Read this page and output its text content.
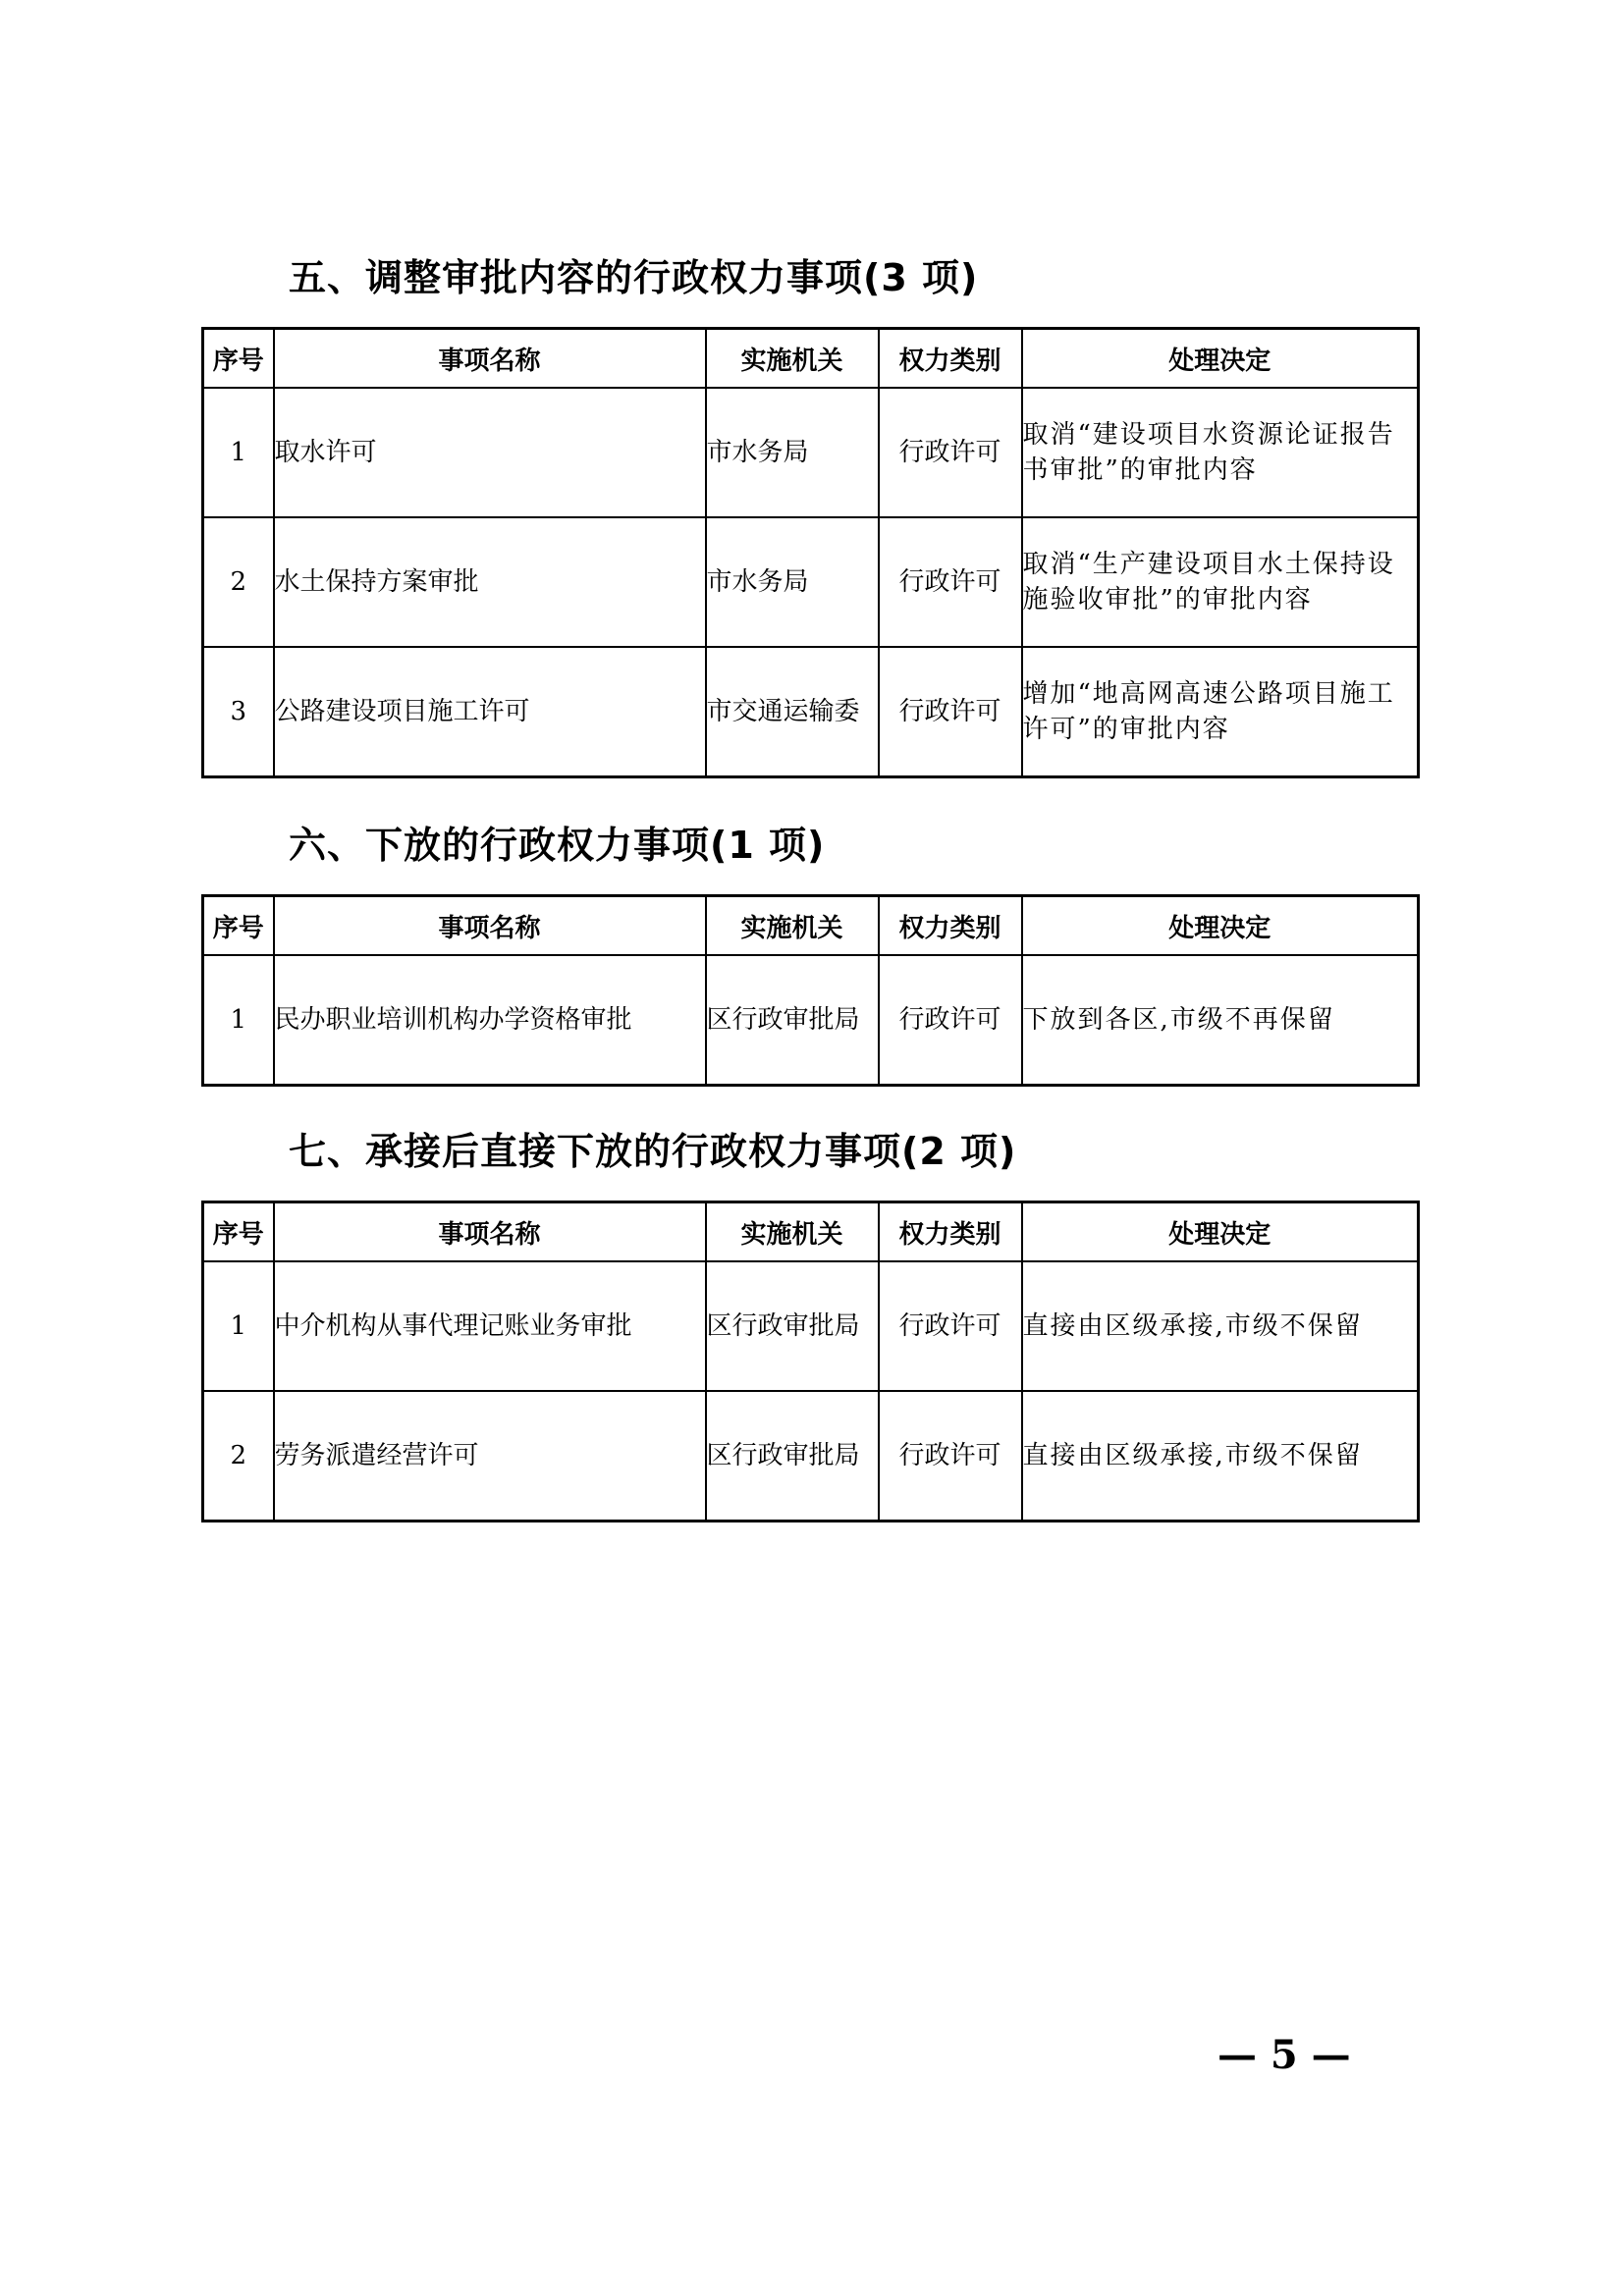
五、调整审批内容的行政权力事项(3 项)
序号	事项名称	实施机关	权力类别	处理决定
1	取水许可	市水务局	行政许可	取消“建设项目水资源论证报告书审批”的审批内容
2	水土保持方案审批	市水务局	行政许可	取消“生产建设项目水土保持设施验收审批”的审批内容
3	公路建设项目施工许可	市交通运输委	行政许可	增加“地高网高速公路项目施工许可”的审批内容
六、下放的行政权力事项(1 项)
序号	事项名称	实施机关	权力类别	处理决定
1	民办职业培训机构办学资格审批	区行政审批局	行政许可	下放到各区,市级不再保留
七、承接后直接下放的行政权力事项(2 项)
序号	事项名称	实施机关	权力类别	处理决定
1	中介机构从事代理记账业务审批	区行政审批局	行政许可	直接由区级承接,市级不保留
2	劳务派遣经营许可	区行政审批局	行政许可	直接由区级承接,市级不保留
— 5 —
